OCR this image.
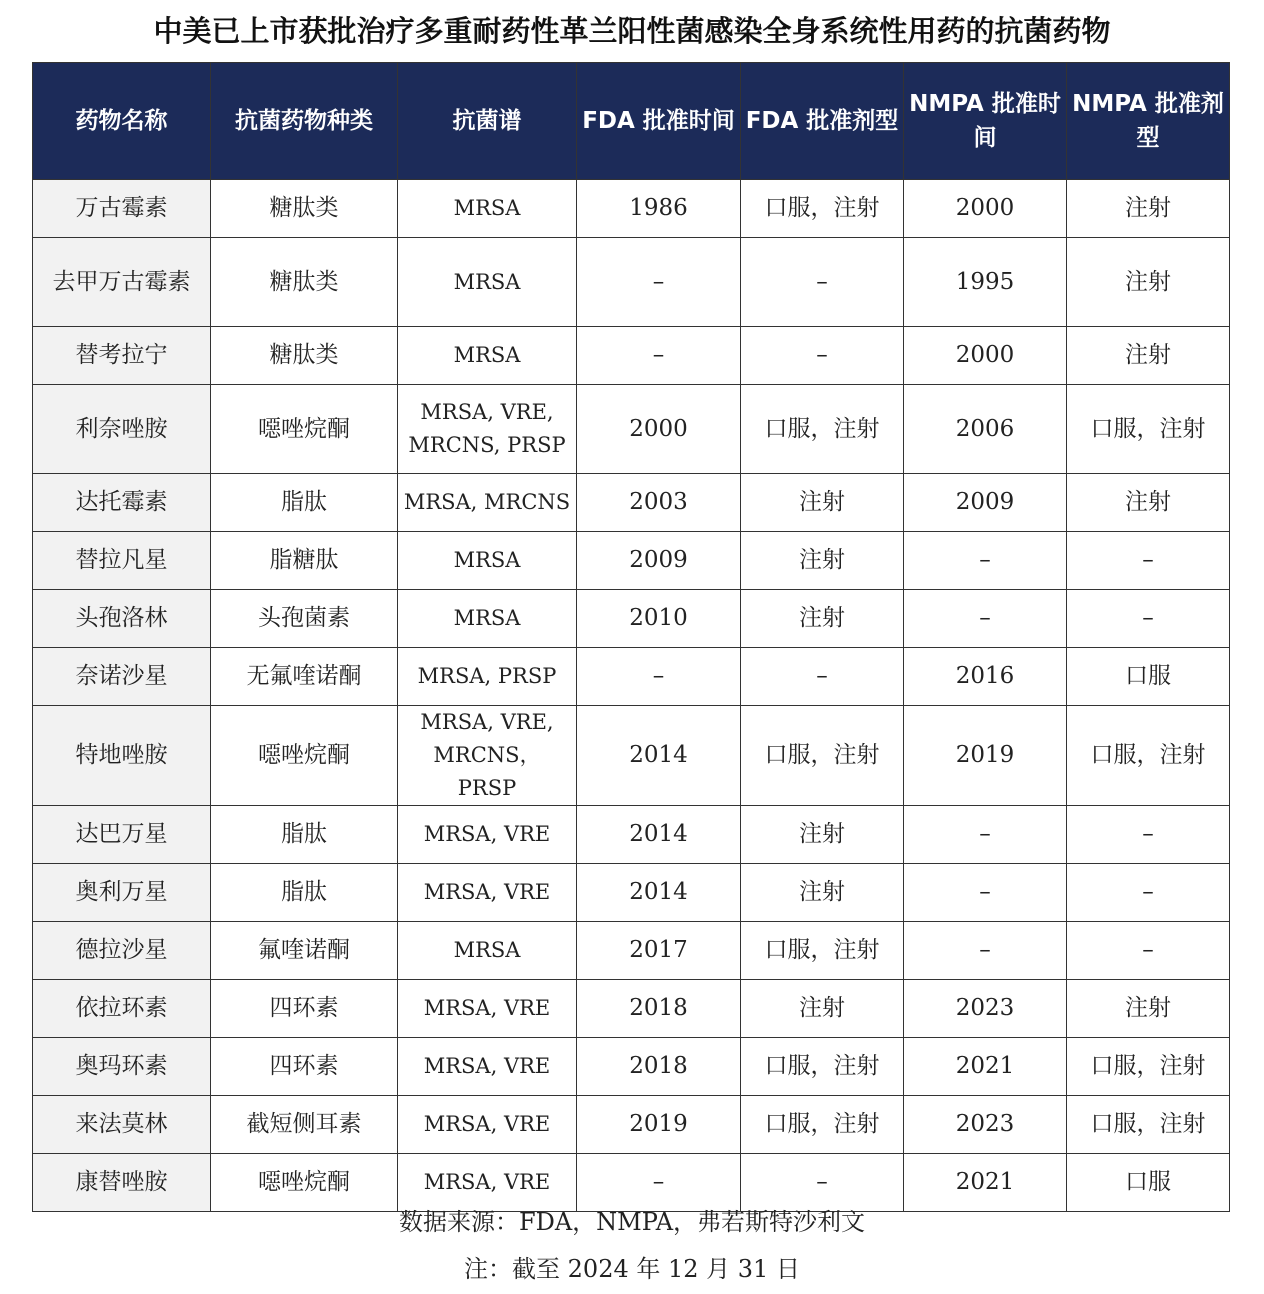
中美已上市获批治疗多重耐药性革兰阳性菌感染全身系统性用药的抗菌药物
药物名称	抗菌药物种类	抗菌谱	FDA 批准时间	FDA 批准剂型	NMPA 批准时间	NMPA 批准剂型
万古霉素	糖肽类	MRSA	1986	口服，注射	2000	注射
去甲万古霉素	糖肽类	MRSA	–	–	1995	注射
替考拉宁	糖肽类	MRSA	–	–	2000	注射
利奈唑胺	噁唑烷酮	MRSA, VRE, MRCNS, PRSP	2000	口服，注射	2006	口服，注射
达托霉素	脂肽	MRSA, MRCNS	2003	注射	2009	注射
替拉凡星	脂糖肽	MRSA	2009	注射	–	–
头孢洛林	头孢菌素	MRSA	2010	注射	–	–
奈诺沙星	无氟喹诺酮	MRSA, PRSP	–	–	2016	口服
特地唑胺	噁唑烷酮	MRSA, VRE, MRCNS， PRSP	2014	口服，注射	2019	口服，注射
达巴万星	脂肽	MRSA, VRE	2014	注射	–	–
奥利万星	脂肽	MRSA, VRE	2014	注射	–	–
德拉沙星	氟喹诺酮	MRSA	2017	口服，注射	–	–
依拉环素	四环素	MRSA, VRE	2018	注射	2023	注射
奥玛环素	四环素	MRSA, VRE	2018	口服，注射	2021	口服，注射
来法莫林	截短侧耳素	MRSA, VRE	2019	口服，注射	2023	口服，注射
康替唑胺	噁唑烷酮	MRSA, VRE	–	–	2021	口服
数据来源：FDA，NMPA，弗若斯特沙利文
注：截至 2024 年 12 月 31 日
